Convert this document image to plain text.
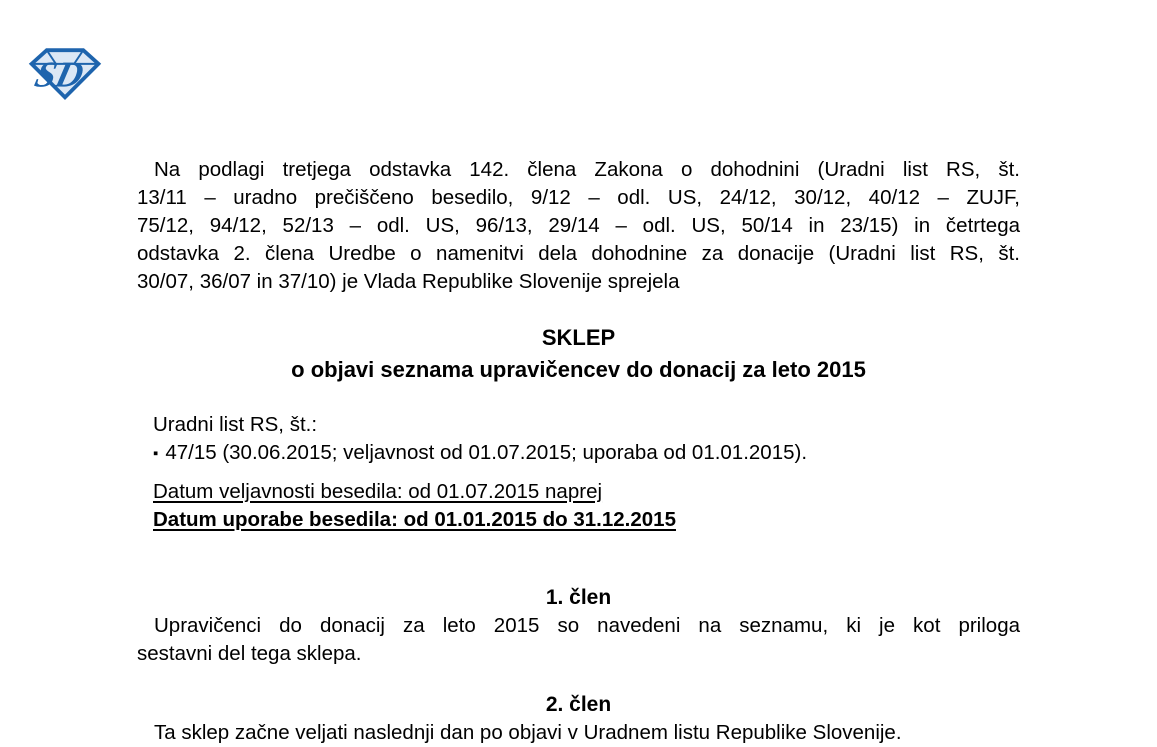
SD
Na podlagi tretjega odstavka 142. člena Zakona o dohodnini (Uradni list RS, št.
13/11 – uradno prečiščeno besedilo, 9/12 – odl. US, 24/12, 30/12, 40/12 – ZUJF,
75/12, 94/12, 52/13 – odl. US, 96/13, 29/14 – odl. US, 50/14 in 23/15) in četrtega
odstavka 2. člena Uredbe o namenitvi dela dohodnine za donacije (Uradni list RS, št.
30/07, 36/07 in 37/10) je Vlada Republike Slovenije sprejela
SKLEP
o objavi seznama upravičencev do donacij za leto 2015
Uradni list RS, št.:
▪ 47/15 (30.06.2015; veljavnost od 01.07.2015; uporaba od 01.01.2015).
Datum veljavnosti besedila: od 01.07.2015 naprej
Datum uporabe besedila: od 01.01.2015 do 31.12.2015
1. člen
Upravičenci do donacij za leto 2015 so navedeni na seznamu, ki je kot priloga
sestavni del tega sklepa.
2. člen
Ta sklep začne veljati naslednji dan po objavi v Uradnem listu Republike Slovenije.
